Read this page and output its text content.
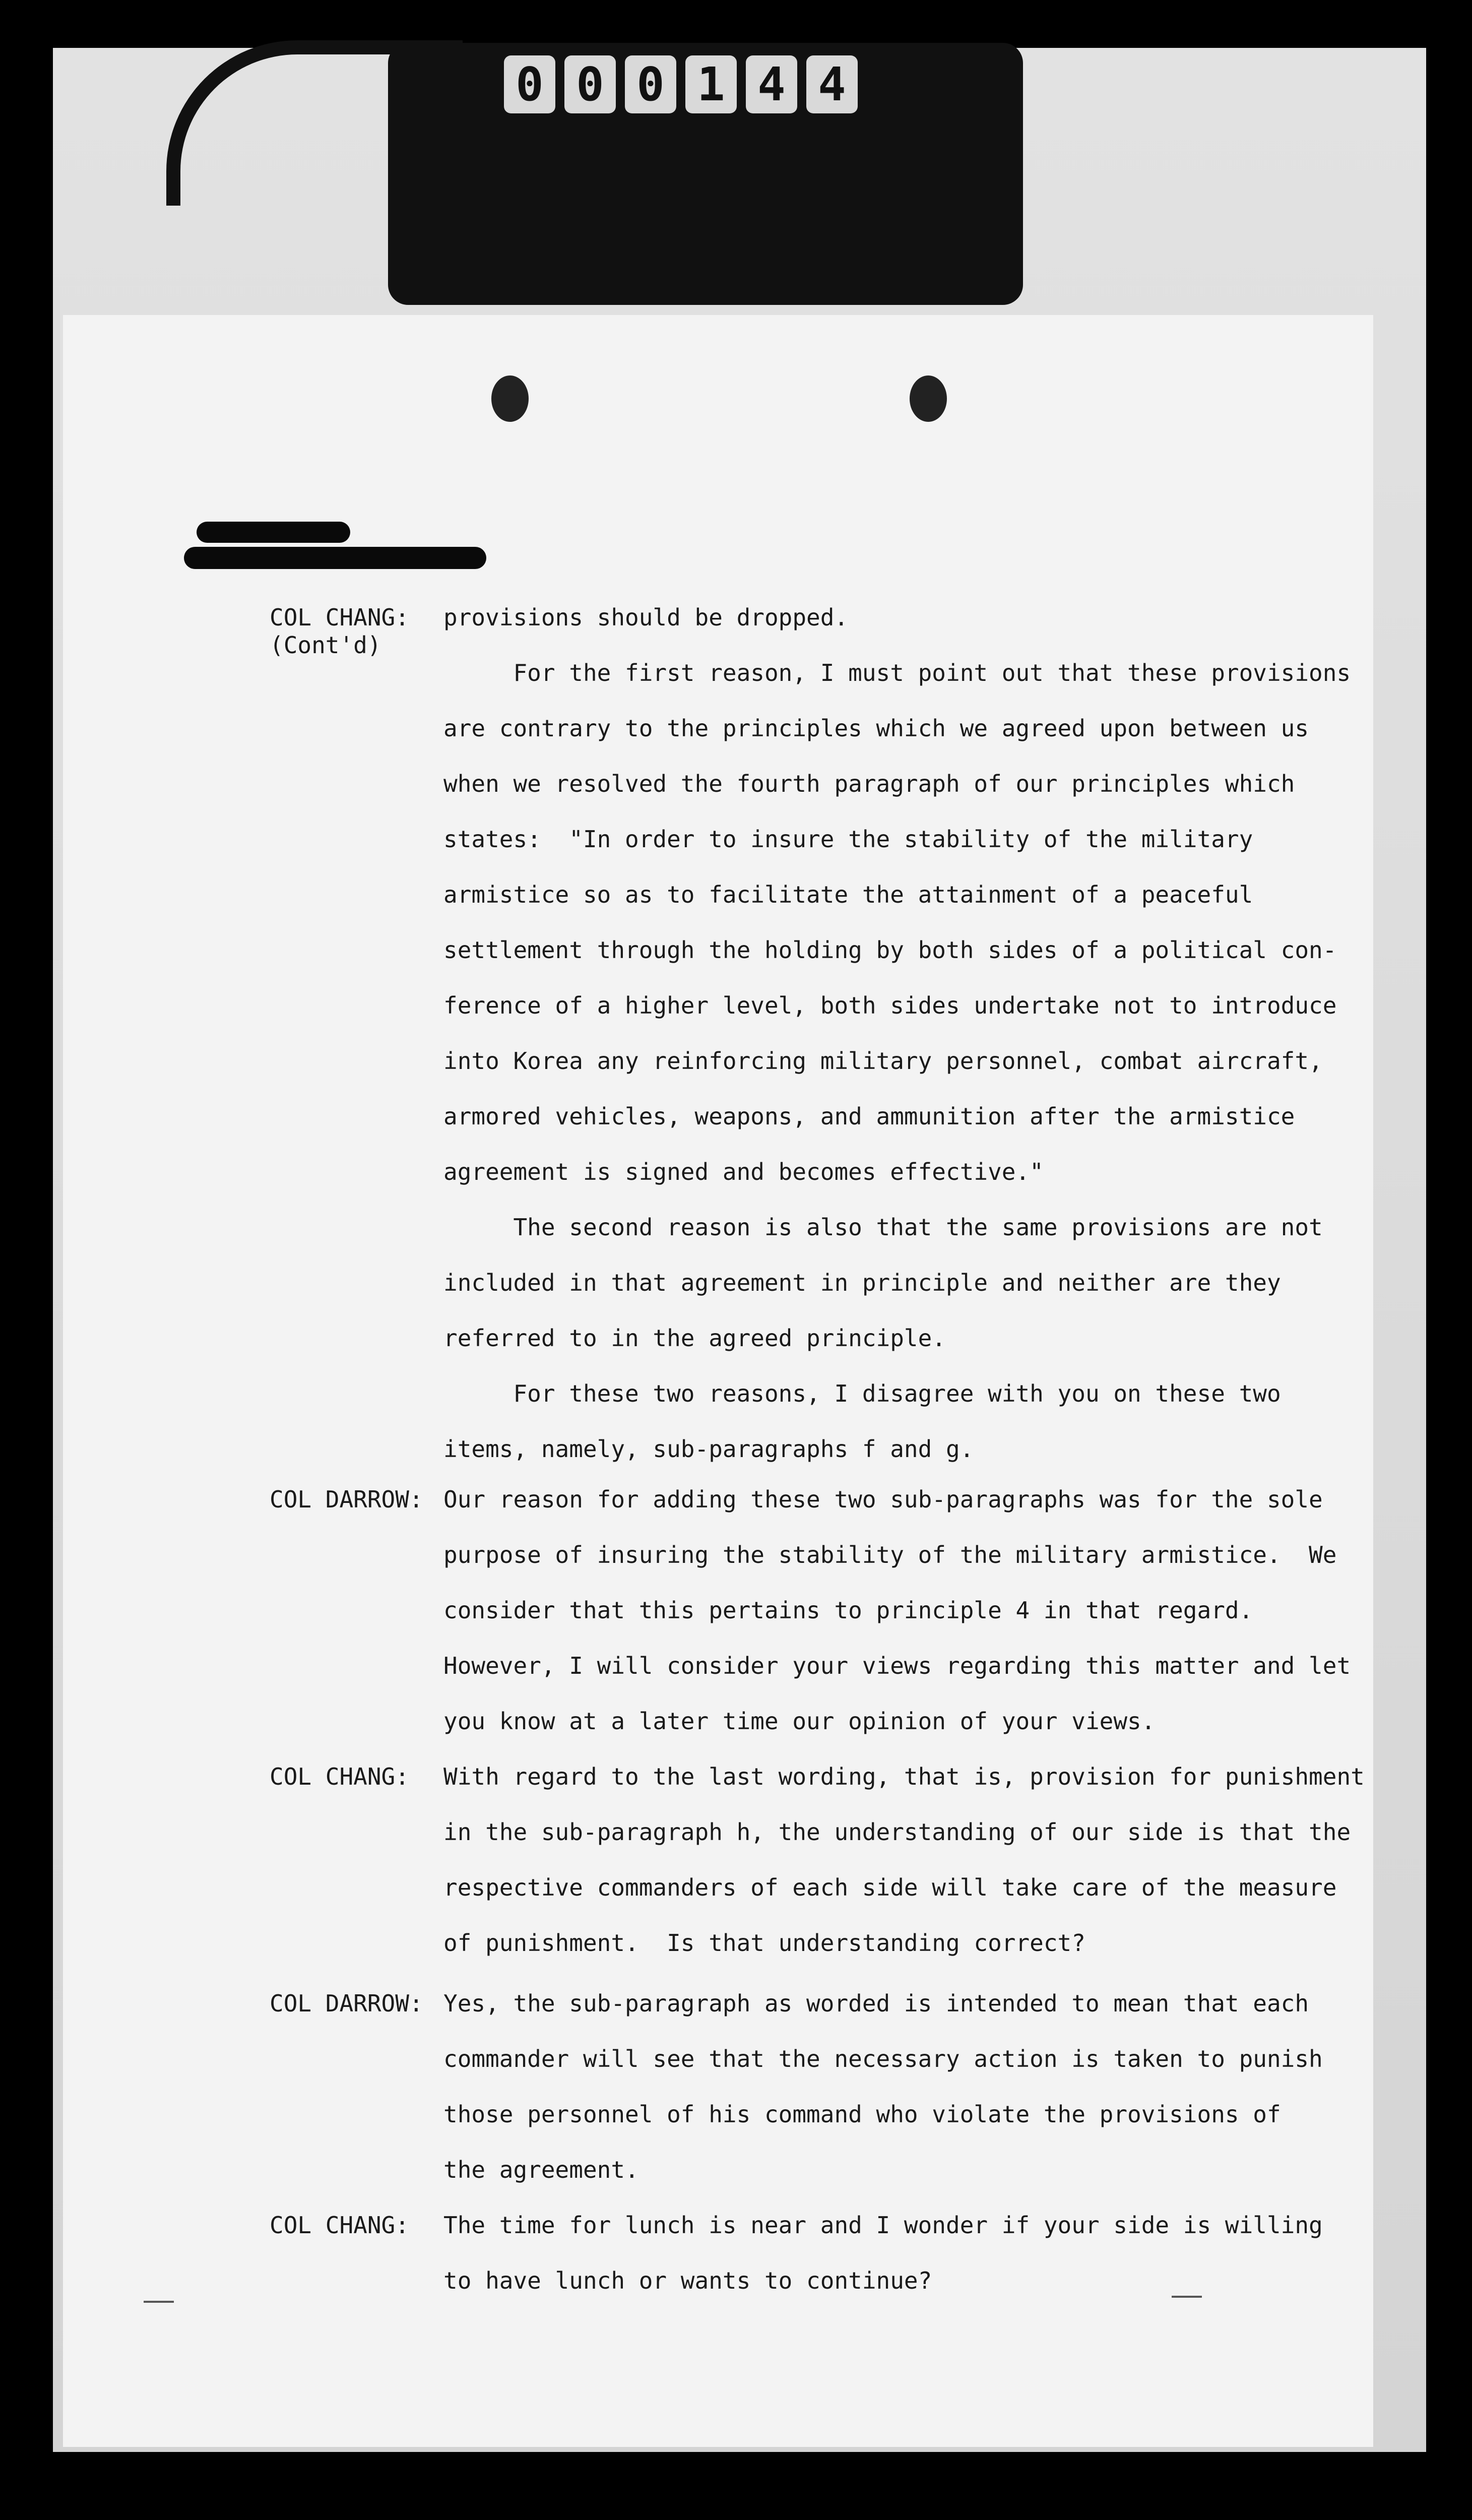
0 0 0 1 4 4
COL CHANG:
(Cont'd)
COL DARROW:
COL CHANG:
COL DARROW:
COL CHANG:
provisions should be dropped.
For the first reason, I must point out that these provisions
are contrary to the principles which we agreed upon between us
when we resolved the fourth paragraph of our principles which
states:  "In order to insure the stability of the military
armistice so as to facilitate the attainment of a peaceful
settlement through the holding by both sides of a political con-
ference of a higher level, both sides undertake not to introduce
into Korea any reinforcing military personnel, combat aircraft,
armored vehicles, weapons, and ammunition after the armistice
agreement is signed and becomes effective."
The second reason is also that the same provisions are not
included in that agreement in principle and neither are they
referred to in the agreed principle.
For these two reasons, I disagree with you on these two
items, namely, sub-paragraphs f and g.
Our reason for adding these two sub-paragraphs was for the sole
purpose of insuring the stability of the military armistice.  We
consider that this pertains to principle 4 in that regard.
However, I will consider your views regarding this matter and let
you know at a later time our opinion of your views.
With regard to the last wording, that is, provision for punishment
in the sub-paragraph h, the understanding of our side is that the
respective commanders of each side will take care of the measure
of punishment.  Is that understanding correct?
Yes, the sub-paragraph as worded is intended to mean that each
commander will see that the necessary action is taken to punish
those personnel of his command who violate the provisions of
the agreement.
The time for lunch is near and I wonder if your side is willing
to have lunch or wants to continue?
